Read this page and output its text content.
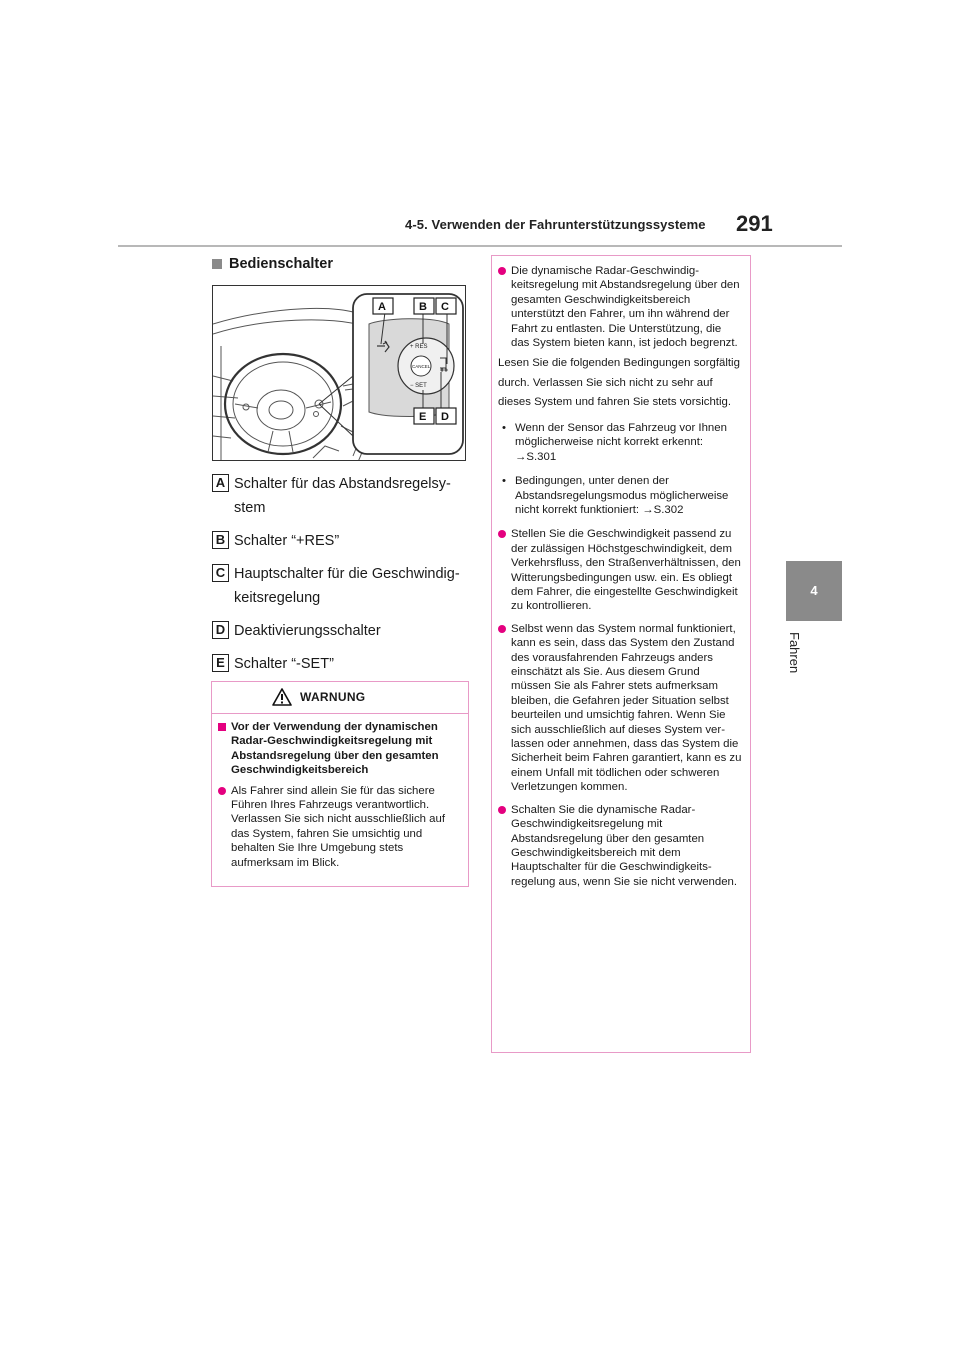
4-5. Verwenden der Fahrunterstützungssysteme 291
4
Fahren
Bedienschalter
+ RES
CANCEL
− SET
A	B C
E D
A Schalter für das Abstandsregelsystem
B Schalter “+RES”
C Hauptschalter für die Geschwindigkeitsregelung
D Deaktivierungsschalter
E Schalter “-SET”
WARNUNG
Vor der Verwendung der dynamischen Radar-Geschwindigkeitsregelung mit Abstandsregelung über den gesamten Geschwindigkeitsbereich
Als Fahrer sind allein Sie für das sichere Führen Ihres Fahrzeugs verantwortlich. Verlassen Sie sich nicht ausschließlich auf das System, fahren Sie umsichtig und behalten Sie Ihre Umgebung stets aufmerksam im Blick.
Die dynamische Radar-Geschwindigkeitsregelung mit Abstandsregelung über den gesamten Geschwindigkeitsbereich unterstützt den Fahrer, um ihn während der Fahrt zu entlasten. Die Unterstützung, die das System bieten kann, ist jedoch begrenzt.
Lesen Sie die folgenden Bedingungen sorgfältig durch. Verlassen Sie sich nicht zu sehr auf dieses System und fahren Sie stets vorsichtig.
• Wenn der Sensor das Fahrzeug vor Ihnen möglicherweise nicht korrekt erkennt: →S.301
• Bedingungen, unter denen der Abstandsregelungsmodus möglicherweise nicht korrekt funktioniert: →S.302
Stellen Sie die Geschwindigkeit passend zu der zulässigen Höchstgeschwindigkeit, dem Verkehrsfluss, den Straßenverhältnissen, den Witterungsbedingungen usw. ein. Es obliegt dem Fahrer, die eingestellte Geschwindigkeit zu kontrollieren.
Selbst wenn das System normal funktioniert, kann es sein, dass das System den Zustand des vorausfahrenden Fahrzeugs anders einschätzt als Sie. Aus diesem Grund müssen Sie als Fahrer stets aufmerksam bleiben, die Gefahren jeder Situation selbst beurteilen und umsichtig fahren. Wenn Sie sich ausschließlich auf dieses System verlassen oder annehmen, dass das System die Sicherheit beim Fahren garantiert, kann es zu einem Unfall mit tödlichen oder schweren Verletzungen kommen.
Schalten Sie die dynamische Radar-Geschwindigkeitsregelung mit Abstandsregelung über den gesamten Geschwindigkeitsbereich mit dem Hauptschalter für die Geschwindigkeitsregelung aus, wenn Sie sie nicht verwenden.
